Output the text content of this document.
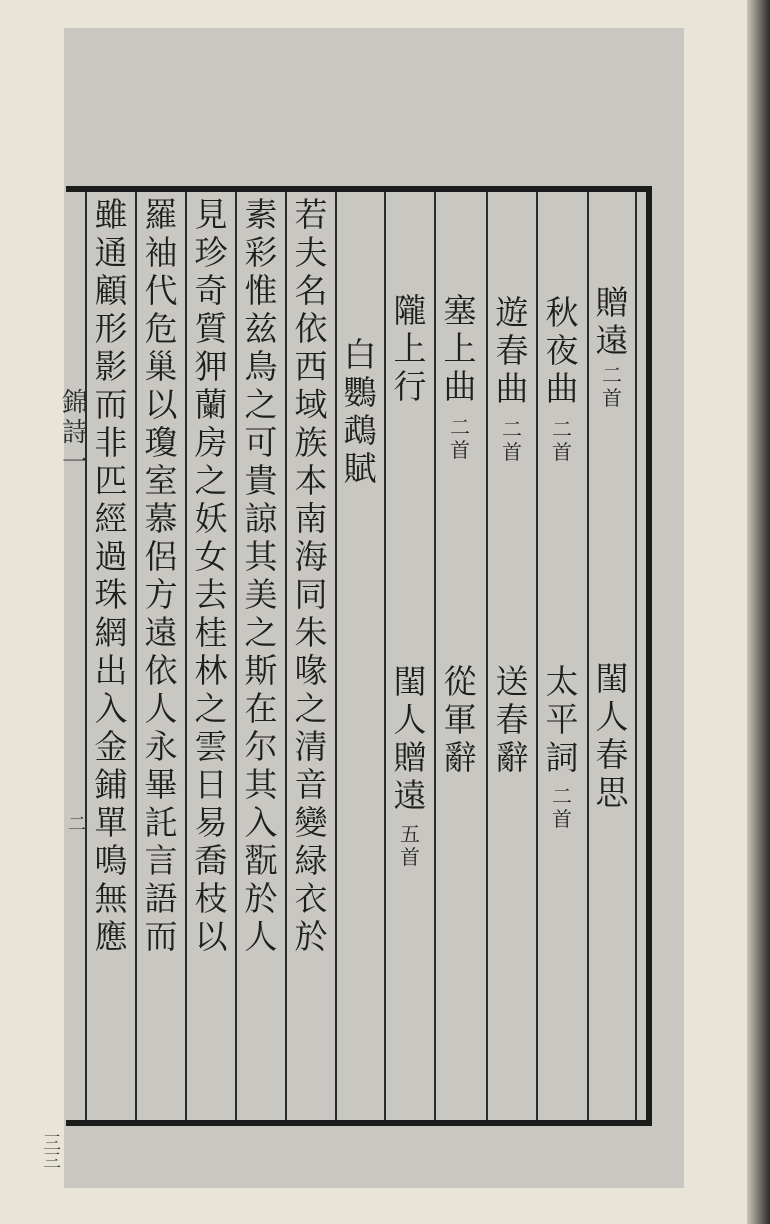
贈
遠
二
首
閨
人
春
思
秋
夜
曲
二
首
太
平
詞
二
首
遊
春
曲
二
首
送
春
辭
塞
上
曲
二
首
從
軍
辭
隴
上
行
閨
人
贈
遠
五
首
白
鸚
鵡
賦
若
夫
名
依
西
域
族
本
南
海
同
朱
喙
之
清
音
變
緑
衣
於
素
彩
惟
兹
鳥
之
可
貴
諒
其
美
之
斯
在
尔
其
入
翫
於
人
見
珍
奇
質
狎
蘭
房
之
妖
女
去
桂
林
之
雲
日
易
喬
枝
以
羅
袖
代
危
巢
以
瓊
室
慕
侶
方
遠
依
人
永
畢
託
言
語
而
雖
通
顧
形
影
而
非
匹
經
過
珠
網
出
入
金
鋪
單
鳴
無
應
錦
詩
一
二
三
三
